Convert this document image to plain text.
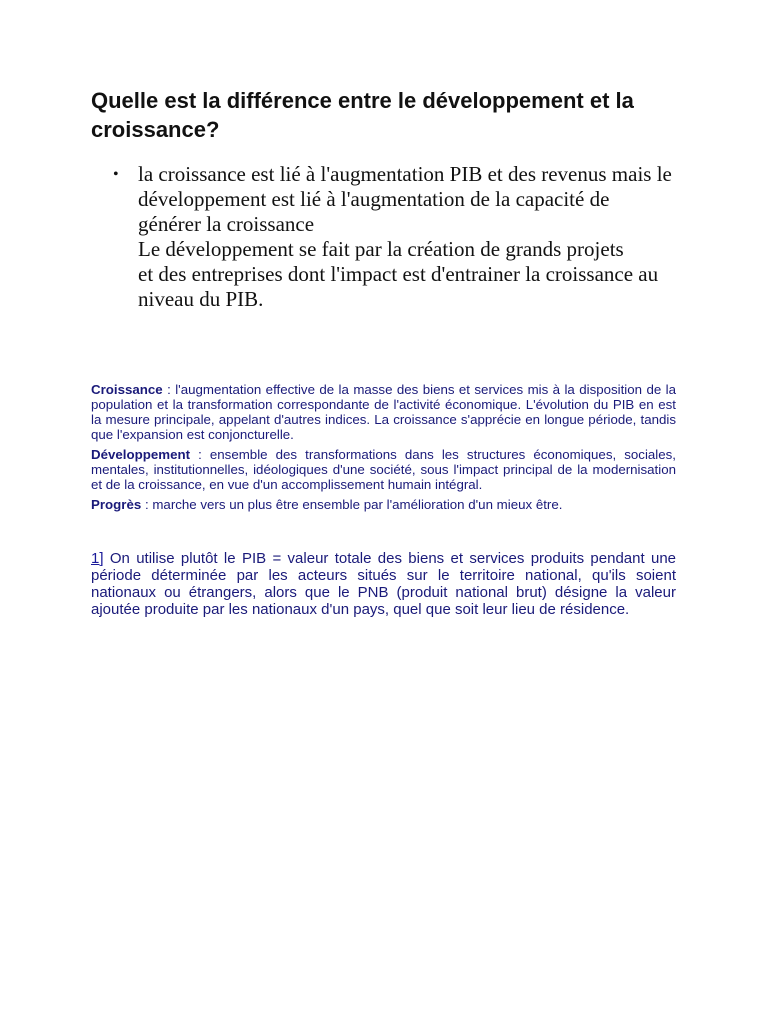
Quelle est la différence entre le développement et la croissance?
• la croissance est lié à l'augmentation PIB et des revenus mais le développement est lié à l'augmentation de la capacité de générer la croissance
Le développement se fait par la création de grands projets
et des entreprises dont l'impact est d'entrainer la croissance au niveau du PIB.

Croissance : l'augmentation effective de la masse des biens et services mis à la disposition de la population et la transformation correspondante de l'activité économique. L'évolution du PIB en est la mesure principale, appelant d'autres indices. La croissance s'apprécie en longue période, tandis que l'expansion est conjoncturelle.

Développement : ensemble des transformations dans les structures économiques, sociales, mentales, institutionnelles, idéologiques d'une société, sous l'impact principal de la modernisation et de la croissance, en vue d'un accomplissement humain intégral.

Progrès : marche vers un plus être ensemble par l'amélioration d'un mieux être.

1] On utilise plutôt le PIB = valeur totale des biens et services produits pendant une période déterminée par les acteurs situés sur le territoire national, qu'ils soient nationaux ou étrangers, alors que le PNB (produit national brut) désigne la valeur ajoutée produite par les nationaux d'un pays, quel que soit leur lieu de résidence.
